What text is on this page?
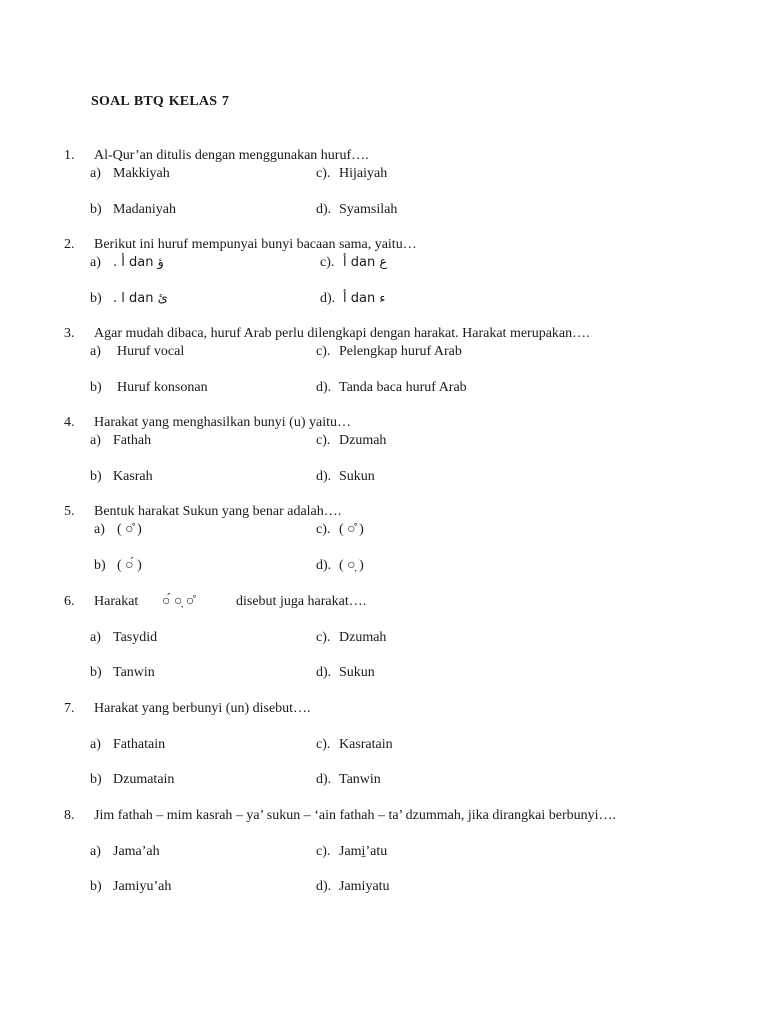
SOAL BTQ KELAS 7
1. Al-Qur’an ditulis dengan menggunakan huruf….
a) Makkiyah
b) Madaniyah
c). Hijaiyah
d). Syamsilah
2. Berikut ini huruf mempunyai bunyi bacaan sama, yaitu…
a) . أ dan ؤ
b) . ا dan ئ
c). أ dan ع
d). أ dan ء
3. Agar mudah dibaca, huruf Arab perlu dilengkapi dengan harakat. Harakat merupakan….
a) Huruf vocal
b) Huruf konsonan
c). Pelengkap huruf Arab
d). Tanda baca huruf Arab
4. Harakat yang menghasilkan bunyi (u) yaitu…
a) Fathah
b) Kasrah
c). Dzumah
d). Sukun
5. Bentuk harakat Sukun yang benar adalah….
a) ( ○̊ )
b) ( ○́ )
c). ( ○̊ )
d). ( ○̣ )
6. Harakat ○́ ○̣ ○̊	disebut juga harakat….
a) Tasydid
b) Tanwin
c). Dzumah
d). Sukun
7. Harakat yang berbunyi (un) disebut….
a) Fathatain
b) Dzumatain
c). Kasratain
d). Tanwin
8. Jim fathah – mim kasrah – ya’ sukun – ‘ain fathah – ta’ dzummah, jika dirangkai berbunyi….
a) Jama’ah
b) Jamiyu’ah
c). Jami̱’atu
d). Jamiyatu
